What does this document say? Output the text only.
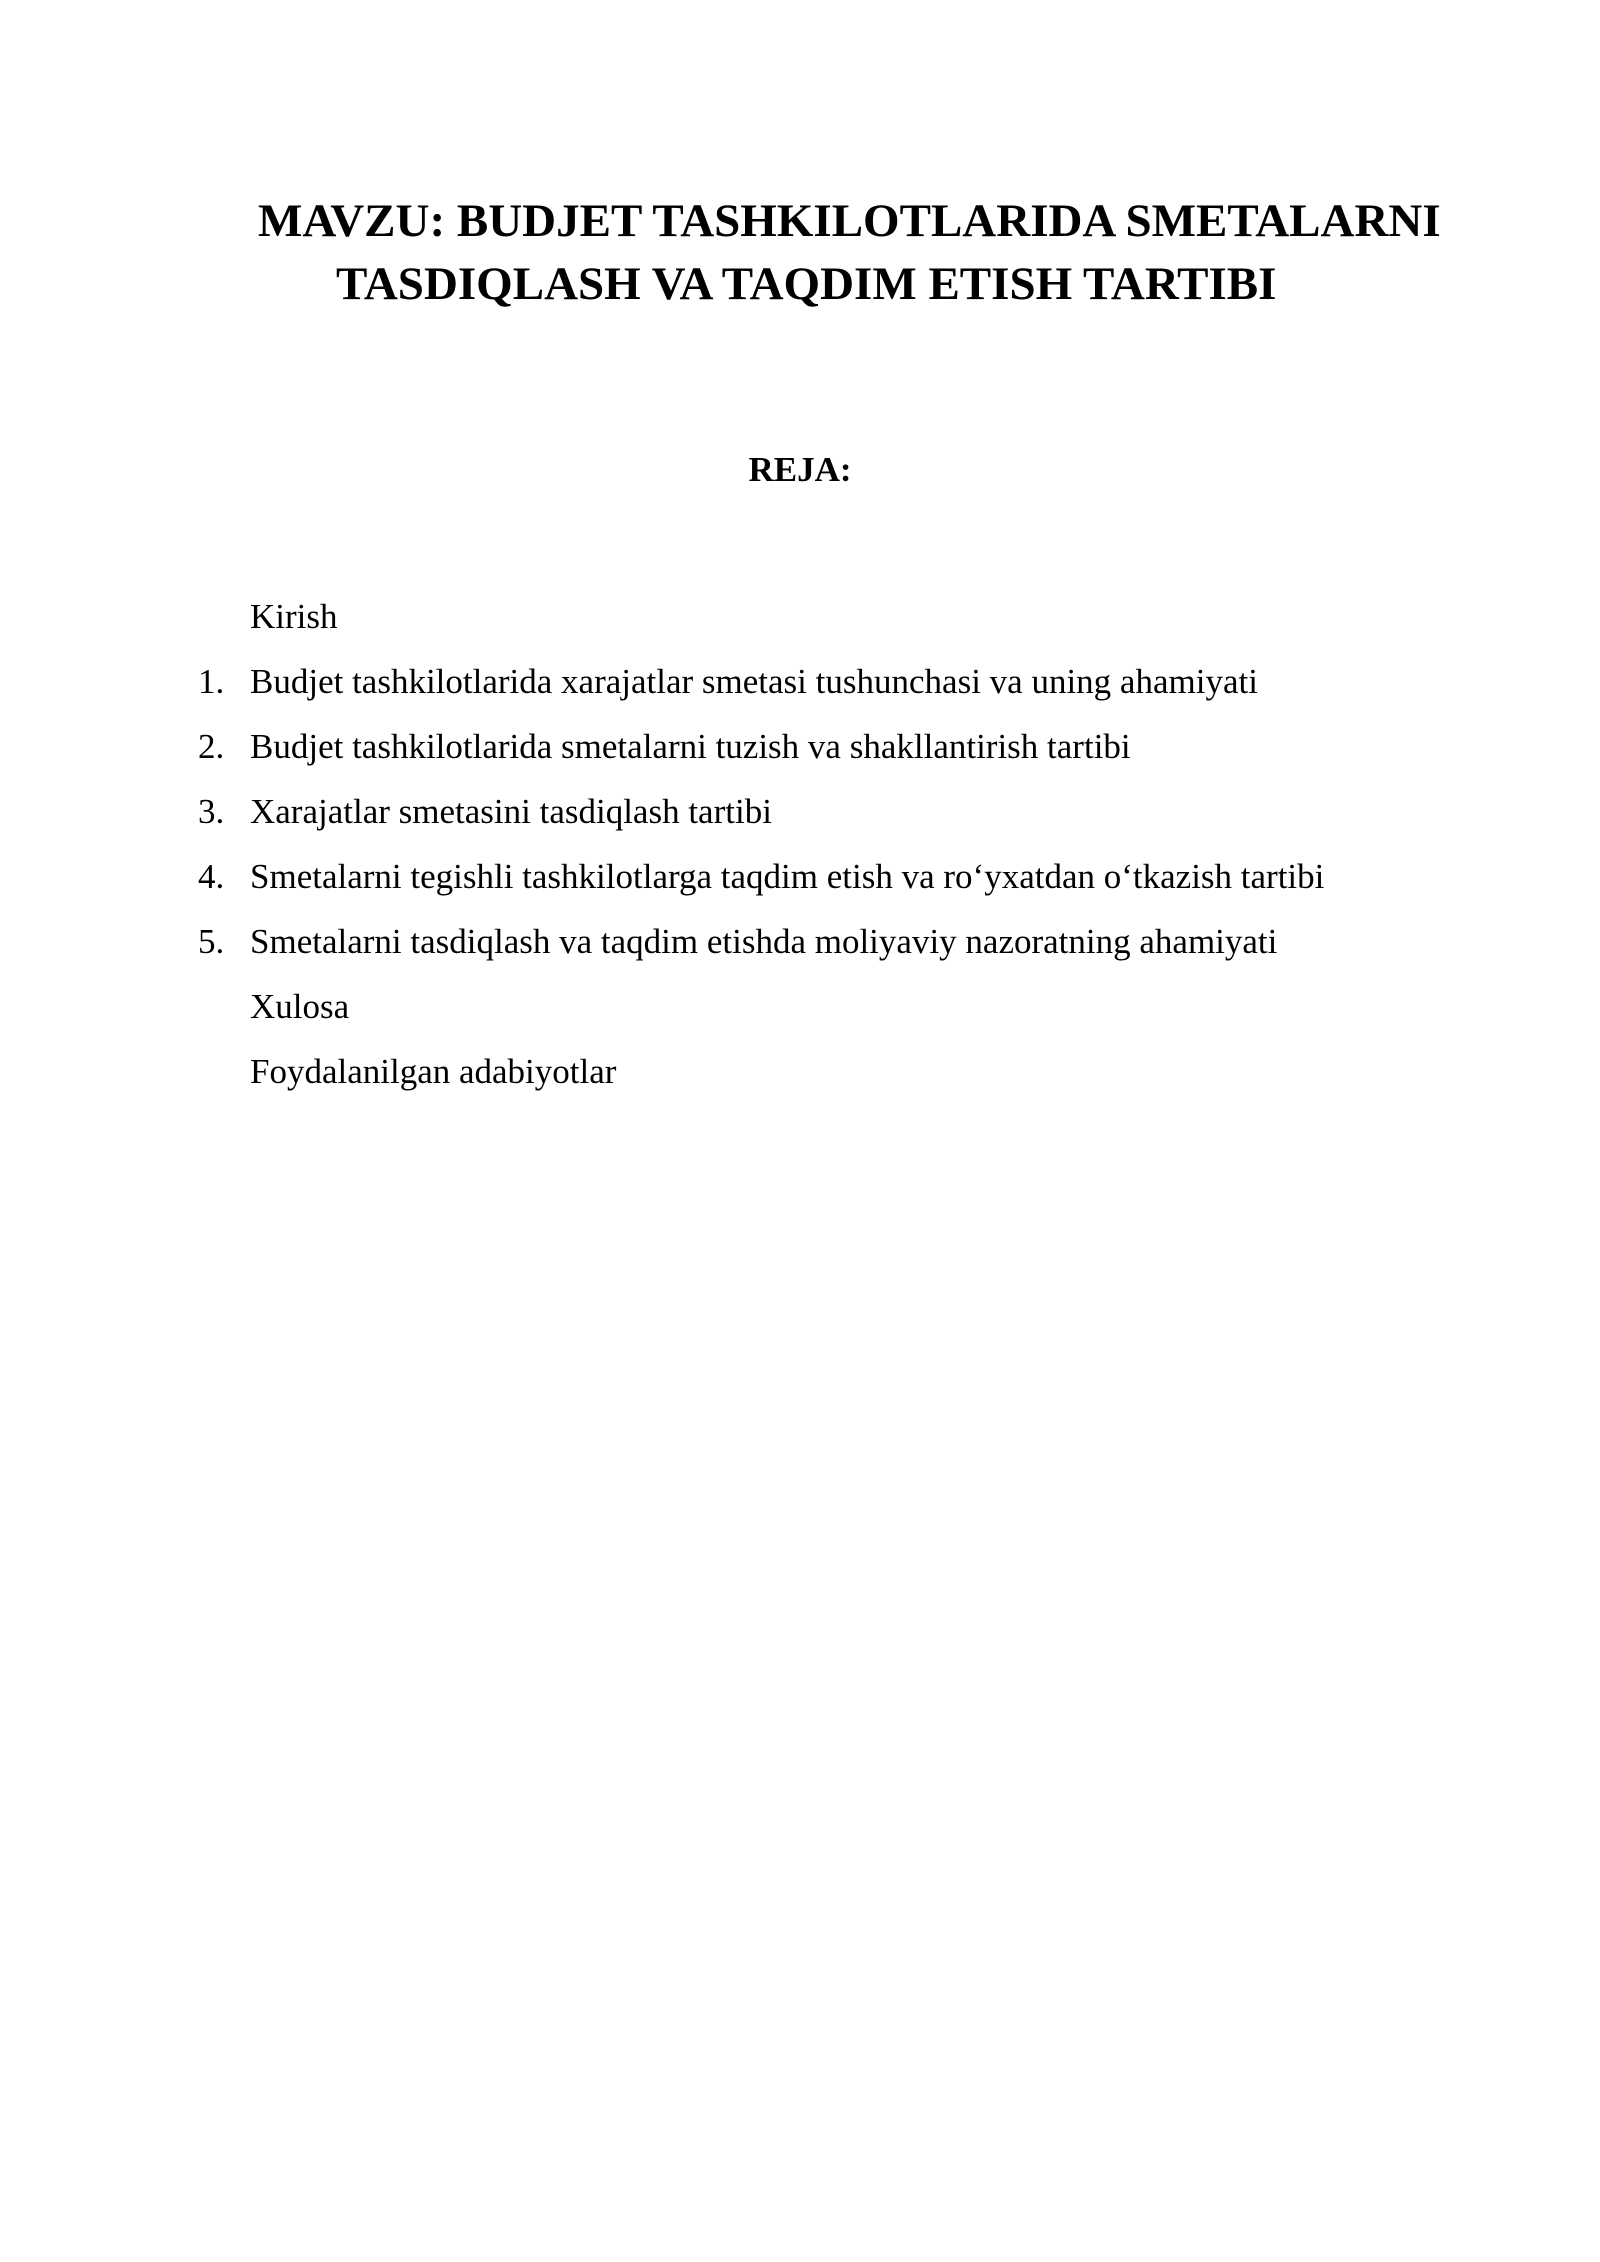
MAVZU: BUDJET TASHKILOTLARIDA SMETALARNI
TASDIQLASH VA TAQDIM ETISH TARTIBI
REJA:
Kirish
1. Budjet tashkilotlarida xarajatlar smetasi tushunchasi va uning ahamiyati
2. Budjet tashkilotlarida smetalarni tuzish va shakllantirish tartibi
3. Xarajatlar smetasini tasdiqlash tartibi
4. Smetalarni tegishli tashkilotlarga taqdim etish va ro‘yxatdan o‘tkazish tartibi
5. Smetalarni tasdiqlash va taqdim etishda moliyaviy nazoratning ahamiyati
Xulosa
Foydalanilgan adabiyotlar
